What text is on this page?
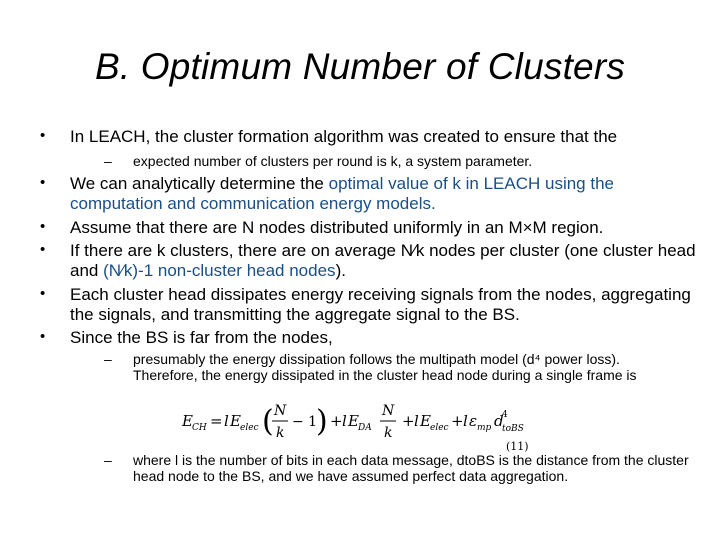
B. Optimum Number of Clusters
• In LEACH, the cluster formation algorithm was created to ensure that the
– expected number of clusters per round is k, a system parameter.
• We can analytically determine the optimal value of k in LEACH using the computation and communication energy models.
• Assume that there are N nodes distributed uniformly in an M×M region.
• If there are k clusters, there are on average N⁄k nodes per cluster (one cluster head and (N⁄k)-1 non-cluster head nodes).
• Each cluster head dissipates energy receiving signals from the nodes, aggregating the signals, and transmitting the aggregate signal to the BS.
• Since the BS is far from the nodes,
– presumably the energy dissipation follows the multipath model (d⁴ power loss). Therefore, the energy dissipated in the cluster head node during a single frame is
E CH = l E elec ( N
k
− 1
) + l E DA
N
k
+ l E elec + l ε mp d
4
toBS
(11)
– where l is the number of bits in each data message, dtoBS is the distance from the cluster head node to the BS, and we have assumed perfect data aggregation.
